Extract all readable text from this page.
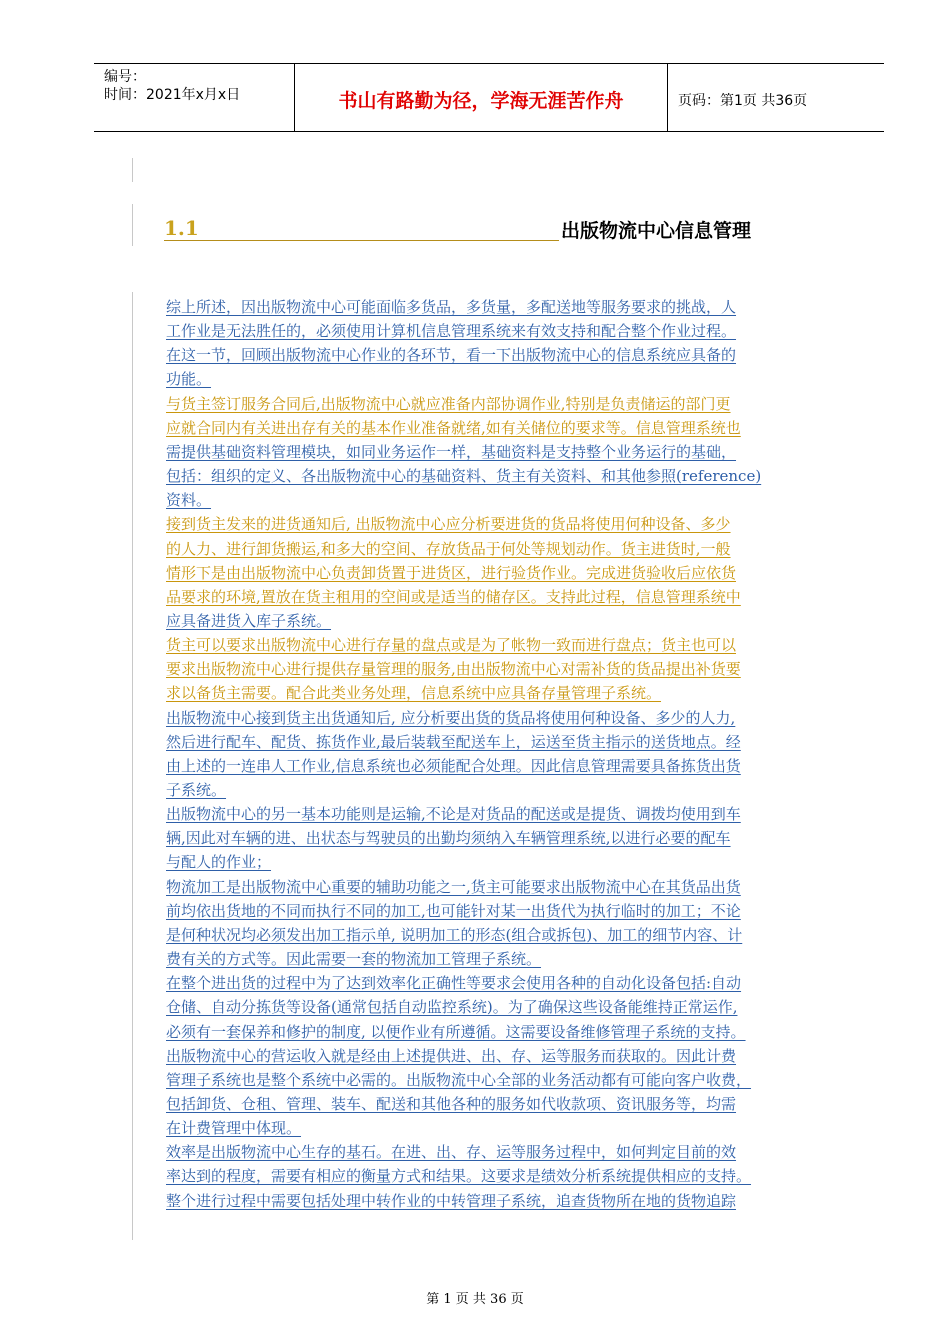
编号：
时间：2021年x月x日	书山有路勤为径，学海无涯苦作舟	页码：第1页 共36页
1.1	出版物流中心信息管理
综上所述，因出版物流中心可能面临多货品，多货量，多配送地等服务要求的挑战，人
工作业是无法胜任的，必须使用计算机信息管理系统来有效支持和配合整个作业过程。
在这一节，回顾出版物流中心作业的各环节，看一下出版物流中心的信息系统应具备的
功能。
与货主签订服务合同后,出版物流中心就应准备内部协调作业,特别是负责储运的部门更
应就合同内有关进出存有关的基本作业准备就绪,如有关储位的要求等。信息管理系统也
需提供基础资料管理模块，如同业务运作一样，基础资料是支持整个业务运行的基础，
包括：组织的定义、各出版物流中心的基础资料、货主有关资料、和其他参照(reference)
资料。
接到货主发来的进货通知后, 出版物流中心应分析要进货的货品将使用何种设备、多少
的人力、进行卸货搬运,和多大的空间、存放货品于何处等规划动作。货主进货时,一般
情形下是由出版物流中心负责卸货置于进货区，进行验货作业。完成进货验收后应依货
品要求的环境,置放在货主租用的空间或是适当的储存区。支持此过程，信息管理系统中
应具备进货入库子系统。
货主可以要求出版物流中心进行存量的盘点或是为了帐物一致而进行盘点；货主也可以
要求出版物流中心进行提供存量管理的服务,由出版物流中心对需补货的货品提出补货要
求以备货主需要。配合此类业务处理，信息系统中应具备存量管理子系统。
出版物流中心接到货主出货通知后, 应分析要出货的货品将使用何种设备、多少的人力,
然后进行配车、配货、拣货作业,最后装载至配送车上，运送至货主指示的送货地点。经
由上述的一连串人工作业,信息系统也必须能配合处理。因此信息管理需要具备拣货出货
子系统。
出版物流中心的另一基本功能则是运输,不论是对货品的配送或是提货、调拨均使用到车
辆,因此对车辆的进、出状态与驾驶员的出勤均须纳入车辆管理系统,以进行必要的配车
与配人的作业；
物流加工是出版物流中心重要的辅助功能之一,货主可能要求出版物流中心在其货品出货
前均依出货地的不同而执行不同的加工,也可能针对某一出货代为执行临时的加工；不论
是何种状况均必须发出加工指示单, 说明加工的形态(组合或拆包)、加工的细节内容、计
费有关的方式等。因此需要一套的物流加工管理子系统。
在整个进出货的过程中为了达到效率化正确性等要求会使用各种的自动化设备包括:自动
仓储、自动分拣货等设备(通常包括自动监控系统)。为了确保这些设备能维持正常运作,
必须有一套保养和修护的制度, 以便作业有所遵循。这需要设备维修管理子系统的支持。
出版物流中心的营运收入就是经由上述提供进、出、存、运等服务而获取的。因此计费
管理子系统也是整个系统中必需的。出版物流中心全部的业务活动都有可能向客户收费，
包括卸货、仓租、管理、装车、配送和其他各种的服务如代收款项、资讯服务等，均需
在计费管理中体现。
效率是出版物流中心生存的基石。在进、出、存、运等服务过程中，如何判定目前的效
率达到的程度，需要有相应的衡量方式和结果。这要求是绩效分析系统提供相应的支持。
整个进行过程中需要包括处理中转作业的中转管理子系统，追查货物所在地的货物追踪
第 1 页 共 36 页
